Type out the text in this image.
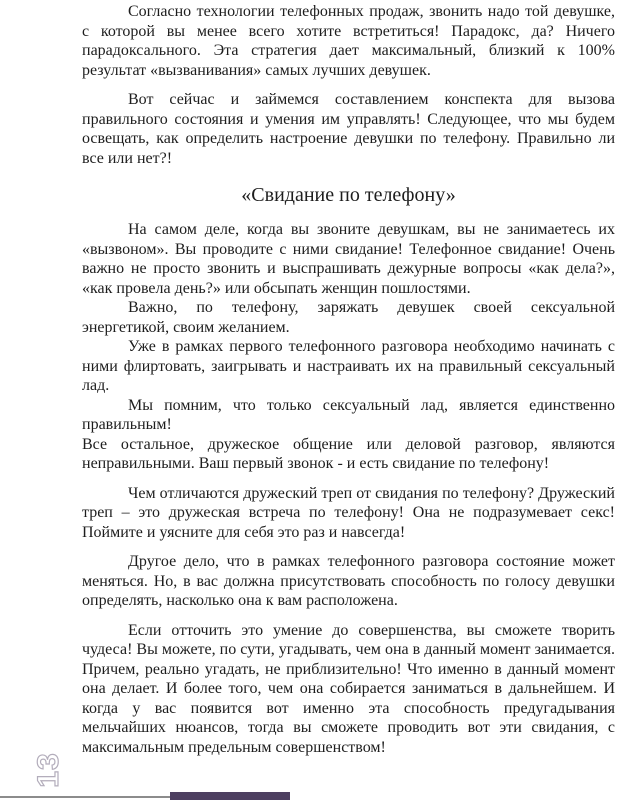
Согласно технологии телефонных продаж, звонить надо той девушке, с которой вы менее всего хотите встретиться! Парадокс, да? Ничего парадоксального. Эта стратегия дает максимальный, близкий к 100% результат «вызванивания» самых лучших девушек.

Вот сейчас и займемся составлением конспекта для вызова правильного состояния и умения им управлять! Следующее, что мы будем освещать, как определить настроение девушки по телефону. Правильно ли все или нет?!

«Свидание по телефону»

На самом деле, когда вы звоните девушкам, вы не занимаетесь их «вызвоном». Вы проводите с ними свидание! Телефонное свидание! Очень важно не просто звонить и выспрашивать дежурные вопросы «как дела?», «как провела день?» или обсыпать женщин пошлостями.

Важно, по телефону, заряжать девушек своей сексуальной энергетикой, своим желанием.

Уже в рамках первого телефонного разговора необходимо начинать с ними флиртовать, заигрывать и настраивать их на правильный сексуальный лад.

Мы помним, что только сексуальный лад, является единственно правильным!

Все остальное, дружеское общение или деловой разговор, являются неправильными. Ваш первый звонок - и есть свидание по телефону!

Чем отличаются дружеский треп от свидания по телефону? Дружеский треп – это дружеская встреча по телефону! Она не подразумевает секс! Поймите и уясните для себя это раз и навсегда!

Другое дело, что в рамках телефонного разговора состояние может меняться. Но, в вас должна присутствовать способность по голосу девушки определять, насколько она к вам расположена.

Если отточить это умение до совершенства, вы сможете творить чудеса! Вы можете, по сути, угадывать, чем она в данный момент занимается. Причем, реально угадать, не приблизительно! Что именно в данный момент она делает. И более того, чем она собирается заниматься в дальнейшем. И когда у вас появится вот именно эта способность предугадывания мельчайших нюансов, тогда вы сможете проводить вот эти свидания, с максимальным предельным совершенством!

13
